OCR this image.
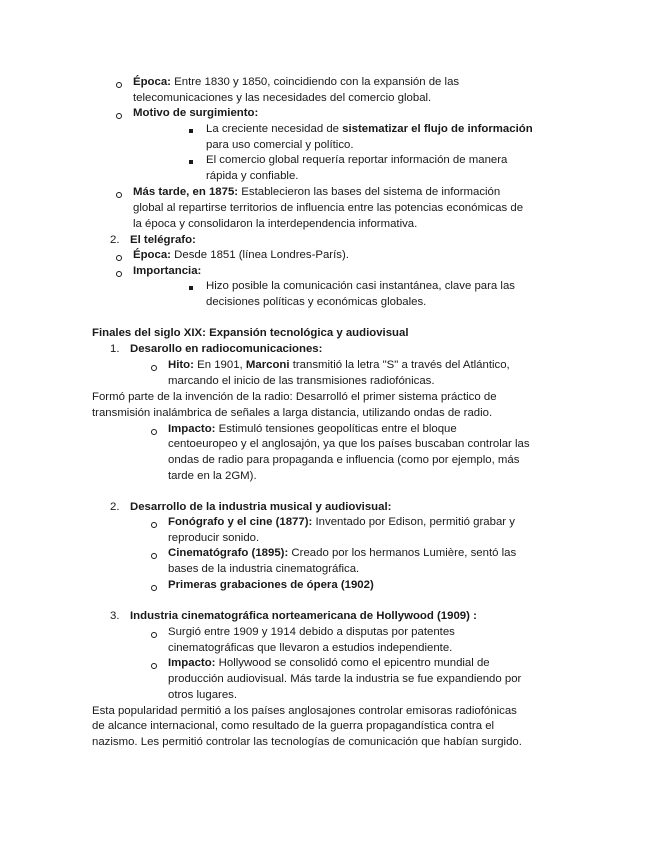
Época: Entre 1830 y 1850, coincidiendo con la expansión de las
telecomunicaciones y las necesidades del comercio global.
Motivo de surgimiento:
La creciente necesidad de sistematizar el flujo de información
para uso comercial y político.
El comercio global requería reportar información de manera
rápida y confiable.
Más tarde, en 1875: Establecieron las bases del sistema de información
global al repartirse territorios de influencia entre las potencias económicas de
la época y consolidaron la interdependencia informativa.
2. El telégrafo:
Época: Desde 1851 (línea Londres-París).
Importancia:
Hizo posible la comunicación casi instantánea, clave para las
decisiones políticas y económicas globales.
Finales del siglo XIX: Expansión tecnológica y audiovisual
1. Desarollo en radiocomunicaciones:
Hito: En 1901, Marconi transmitió la letra "S" a través del Atlántico,
marcando el inicio de las transmisiones radiofónicas.
Formó parte de la invención de la radio: Desarrolló el primer sistema práctico de
transmisión inalámbrica de señales a larga distancia, utilizando ondas de radio.
Impacto: Estimuló tensiones geopolíticas entre el bloque
centoeuropeo y el anglosajón, ya que los países buscaban controlar las
ondas de radio para propaganda e influencia (como por ejemplo, más
tarde en la 2GM).
2. Desarrollo de la industria musical y audiovisual:
Fonógrafo y el cine (1877): Inventado por Edison, permitió grabar y
reproducir sonido.
Cinematógrafo (1895): Creado por los hermanos Lumière, sentó las
bases de la industria cinematográfica.
Primeras grabaciones de ópera (1902)
3. Industria cinematográfica norteamericana de Hollywood (1909) :
Surgió entre 1909 y 1914 debido a disputas por patentes
cinematográficas que llevaron a estudios independiente.
Impacto: Hollywood se consolidó como el epicentro mundial de
producción audiovisual. Más tarde la industria se fue expandiendo por
otros lugares.
Esta popularidad permitió a los países anglosajones controlar emisoras radiofónicas
de alcance internacional, como resultado de la guerra propagandística contra el
nazismo. Les permitió controlar las tecnologías de comunicación que habían surgido.
